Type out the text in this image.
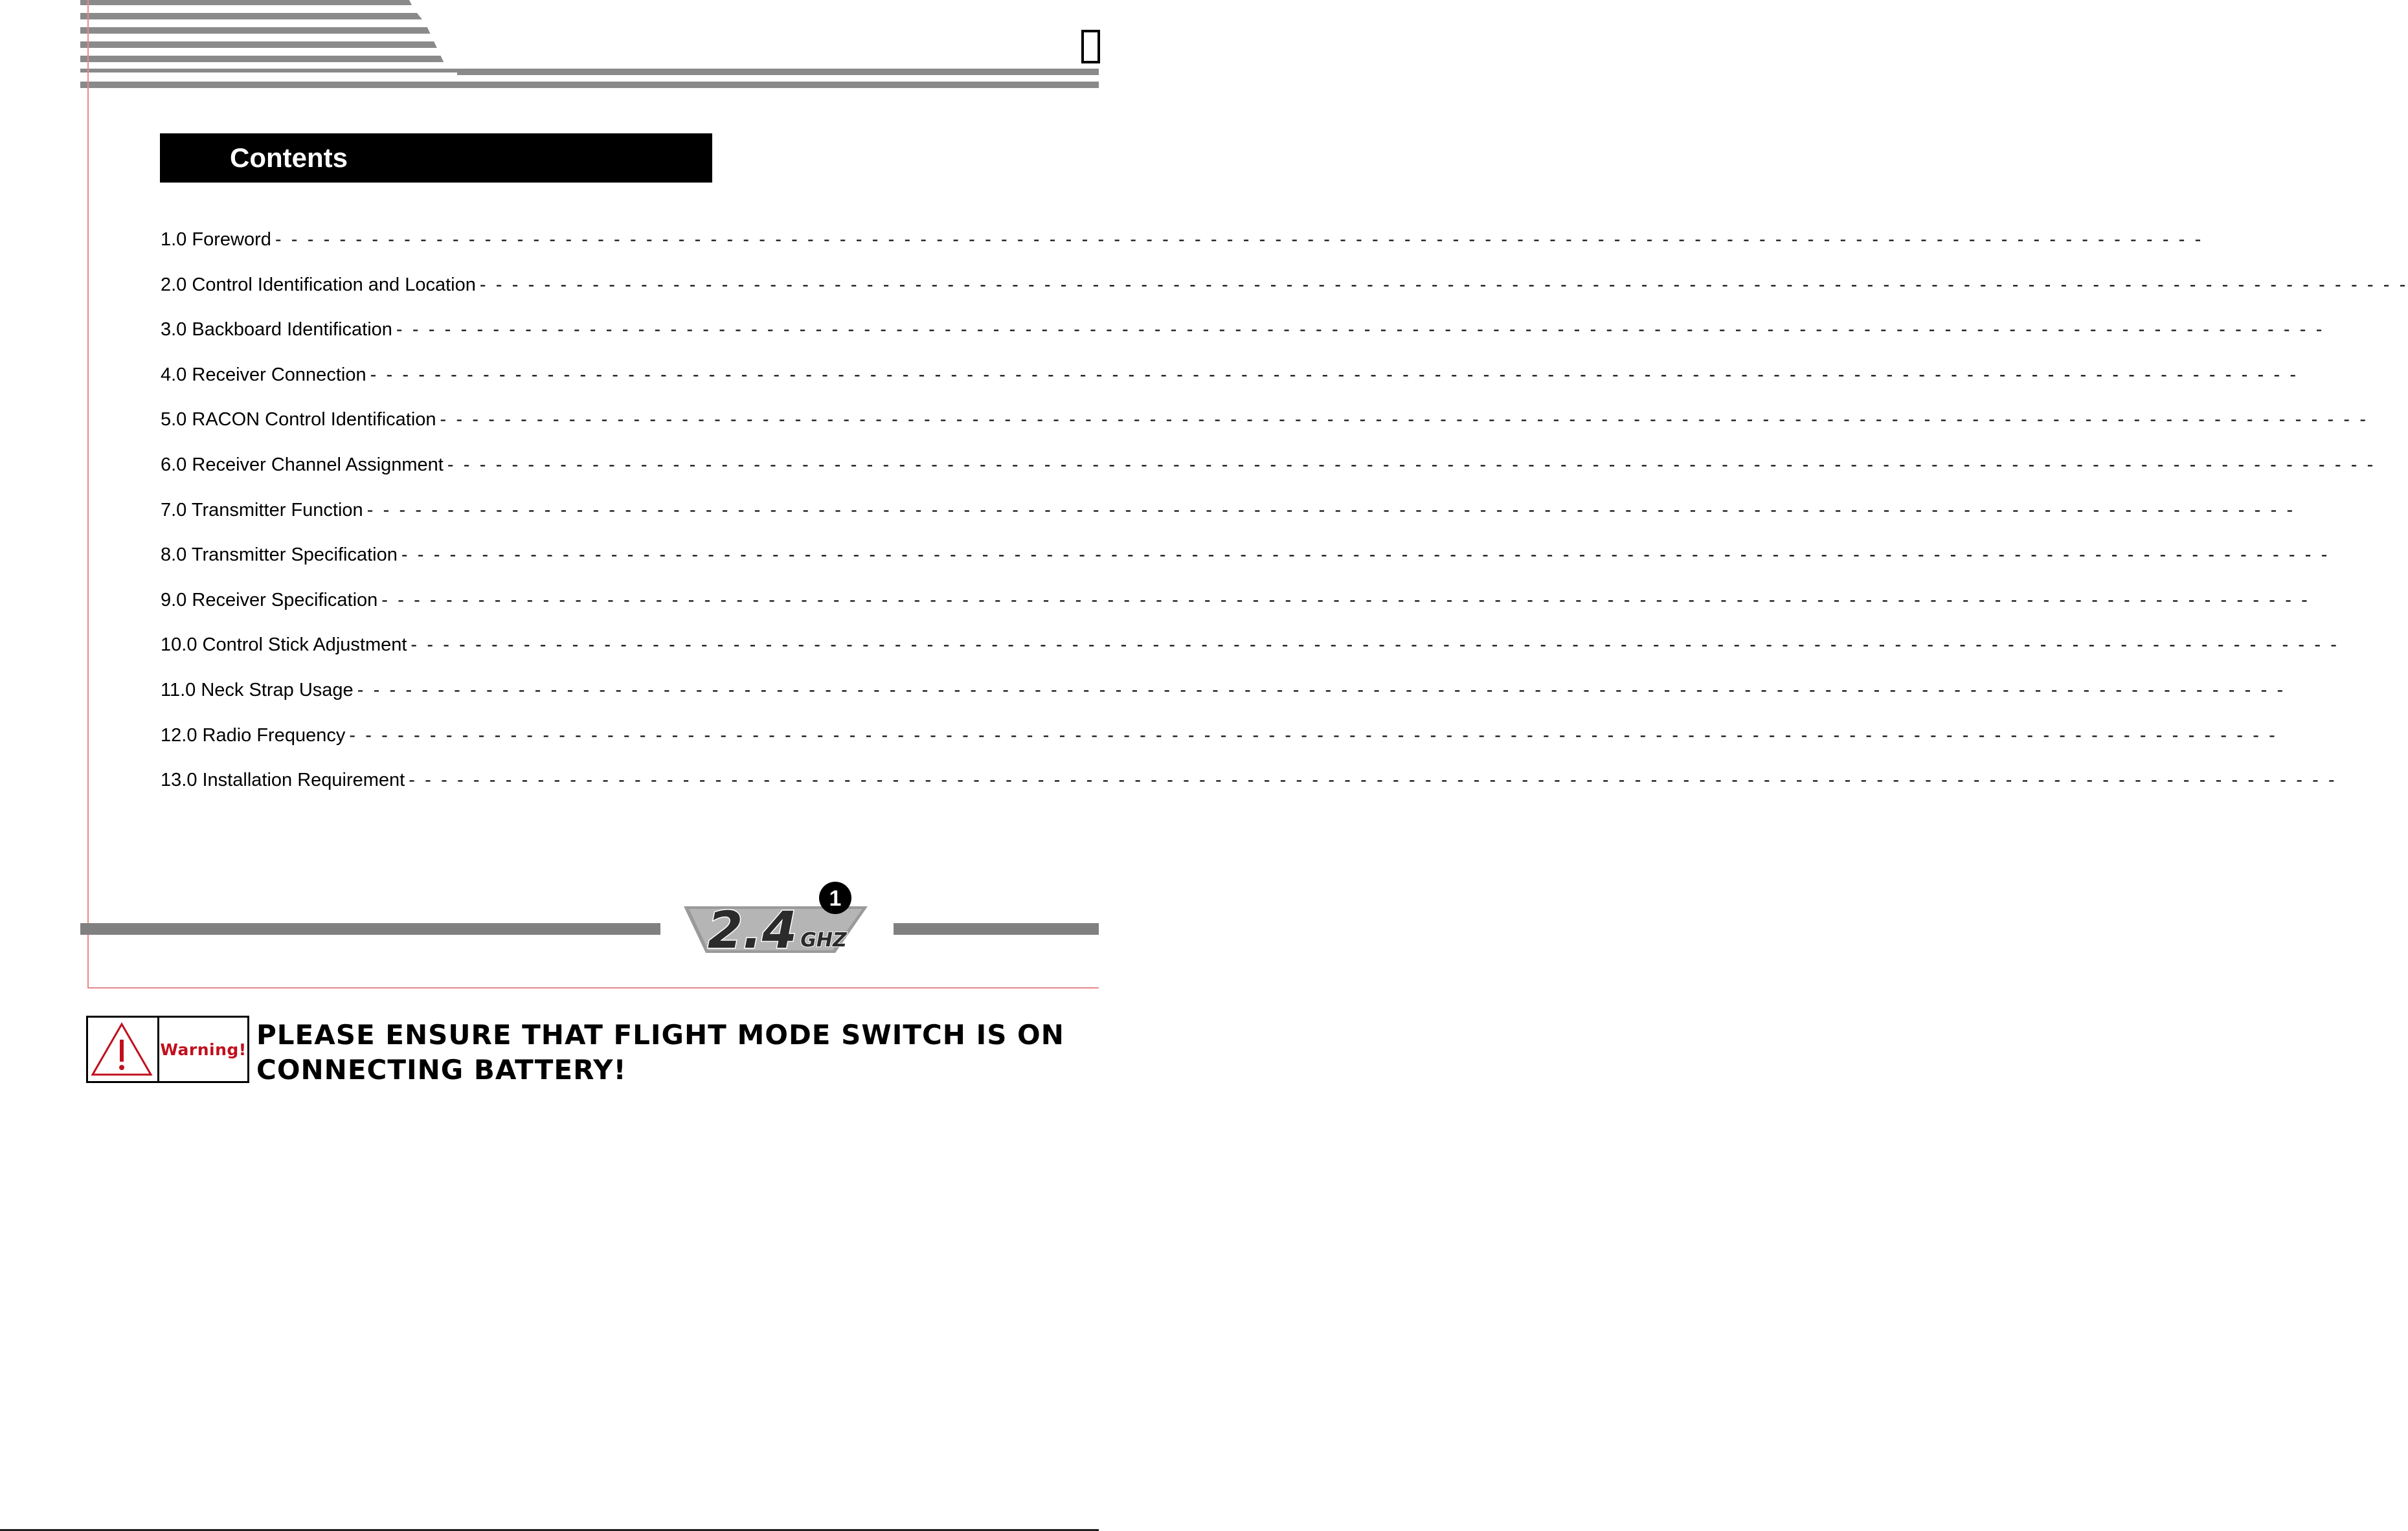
Contents
1.0 Foreword - - - - - - - - - - - - - - - - - - - - - - - - - - - - - - - - - - - - - - - - - - - - - - - - - - - - - - - - - - - - - - - - - - - - - - - - - - - - - - - - - - - - - - - - - - - - - - - - - - - - - - - - - - - - - - - - - - - - - - - -
2.0 Control Identification and Location - - - - - - - - - - - - - - - - - - - - - - - - - - - - - - - - - - - - - - - - - - - - - - - - - - - - - - - - - - - - - - - - - - - - - - - - - - - - - - - - - - - - - - - - - - - - - - - - - - - - - - - - - - - - - - - - - - - - - - - -
3.0 Backboard Identification - - - - - - - - - - - - - - - - - - - - - - - - - - - - - - - - - - - - - - - - - - - - - - - - - - - - - - - - - - - - - - - - - - - - - - - - - - - - - - - - - - - - - - - - - - - - - - - - - - - - - - - - - - - - - - - - - - - - - - - -
4.0 Receiver Connection - - - - - - - - - - - - - - - - - - - - - - - - - - - - - - - - - - - - - - - - - - - - - - - - - - - - - - - - - - - - - - - - - - - - - - - - - - - - - - - - - - - - - - - - - - - - - - - - - - - - - - - - - - - - - - - - - - - - - - - -
5.0 RACON Control Identification - - - - - - - - - - - - - - - - - - - - - - - - - - - - - - - - - - - - - - - - - - - - - - - - - - - - - - - - - - - - - - - - - - - - - - - - - - - - - - - - - - - - - - - - - - - - - - - - - - - - - - - - - - - - - - - - - - - - - - - -
6.0 Receiver Channel Assignment - - - - - - - - - - - - - - - - - - - - - - - - - - - - - - - - - - - - - - - - - - - - - - - - - - - - - - - - - - - - - - - - - - - - - - - - - - - - - - - - - - - - - - - - - - - - - - - - - - - - - - - - - - - - - - - - - - - - - - - -
7.0 Transmitter Function - - - - - - - - - - - - - - - - - - - - - - - - - - - - - - - - - - - - - - - - - - - - - - - - - - - - - - - - - - - - - - - - - - - - - - - - - - - - - - - - - - - - - - - - - - - - - - - - - - - - - - - - - - - - - - - - - - - - - - - -
8.0 Transmitter Specification - - - - - - - - - - - - - - - - - - - - - - - - - - - - - - - - - - - - - - - - - - - - - - - - - - - - - - - - - - - - - - - - - - - - - - - - - - - - - - - - - - - - - - - - - - - - - - - - - - - - - - - - - - - - - - - - - - - - - - - -
9.0 Receiver Specification - - - - - - - - - - - - - - - - - - - - - - - - - - - - - - - - - - - - - - - - - - - - - - - - - - - - - - - - - - - - - - - - - - - - - - - - - - - - - - - - - - - - - - - - - - - - - - - - - - - - - - - - - - - - - - - - - - - - - - - -
10.0 Control Stick Adjustment - - - - - - - - - - - - - - - - - - - - - - - - - - - - - - - - - - - - - - - - - - - - - - - - - - - - - - - - - - - - - - - - - - - - - - - - - - - - - - - - - - - - - - - - - - - - - - - - - - - - - - - - - - - - - - - - - - - - - - - -
11.0 Neck Strap Usage - - - - - - - - - - - - - - - - - - - - - - - - - - - - - - - - - - - - - - - - - - - - - - - - - - - - - - - - - - - - - - - - - - - - - - - - - - - - - - - - - - - - - - - - - - - - - - - - - - - - - - - - - - - - - - - - - - - - - - - -
12.0 Radio Frequency - - - - - - - - - - - - - - - - - - - - - - - - - - - - - - - - - - - - - - - - - - - - - - - - - - - - - - - - - - - - - - - - - - - - - - - - - - - - - - - - - - - - - - - - - - - - - - - - - - - - - - - - - - - - - - - - - - - - - - - -
13.0 Installation Requirement - - - - - - - - - - - - - - - - - - - - - - - - - - - - - - - - - - - - - - - - - - - - - - - - - - - - - - - - - - - - - - - - - - - - - - - - - - - - - - - - - - - - - - - - - - - - - - - - - - - - - - - - - - - - - - - - - - - - - - - -
2.4 GHZ
1
Warning! PLEASE ENSURE THAT FLIGHT MODE SWITCH IS ON
CONNECTING BATTERY!
